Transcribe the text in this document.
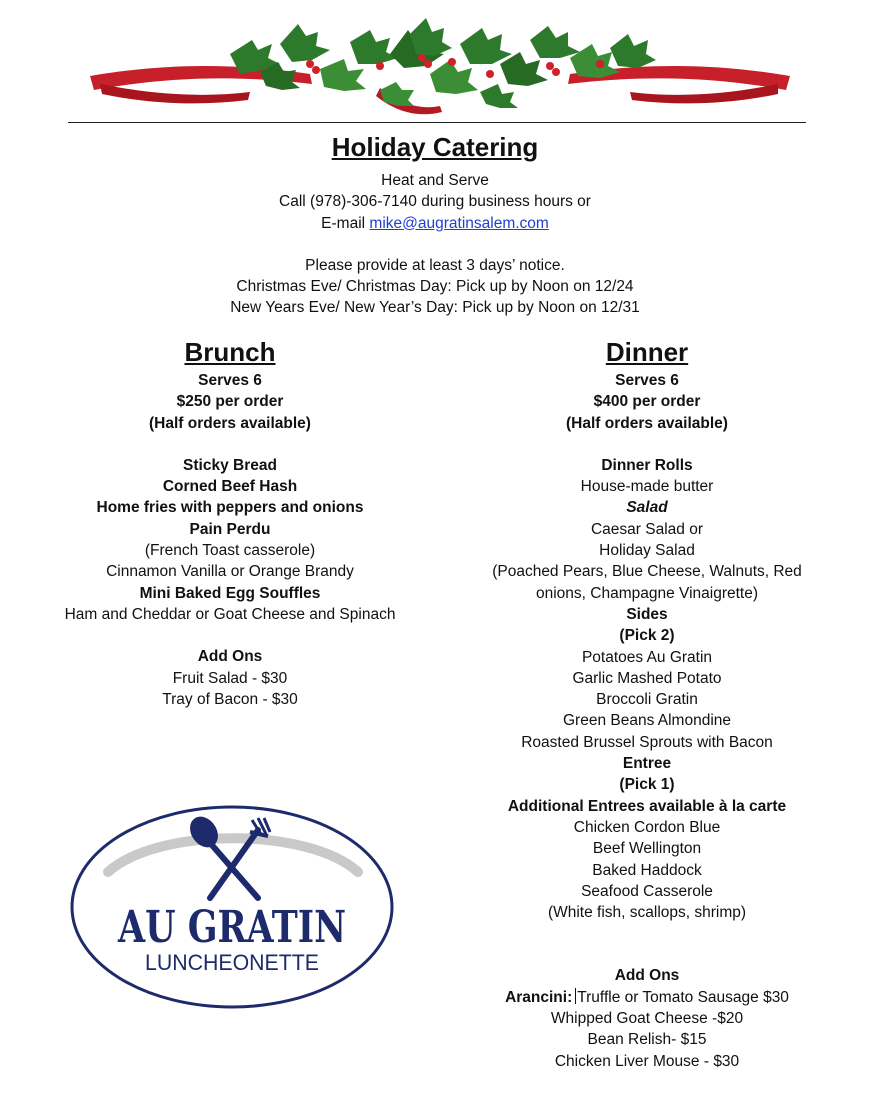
Holiday Catering

Heat and Serve

Call (978)-306-7140 during business hours or

E-mail mike@augratinsalem.com

Please provide at least 3 days’ notice.

Christmas Eve/ Christmas Day: Pick up by Noon on 12/24

New Years Eve/ New Year’s Day: Pick up by Noon on 12/31

Brunch

Serves 6

$250 per order

(Half orders available)

Sticky Bread

Corned Beef Hash

Home fries with peppers and onions

Pain Perdu

(French Toast casserole)

Cinnamon Vanilla or Orange Brandy

Mini Baked Egg Souffles

Ham and Cheddar or Goat Cheese and Spinach

Add Ons

Fruit Salad - $30

Tray of Bacon - $30

Dinner

Serves 6

$400 per order

(Half orders available)

Dinner Rolls

House-made butter

Salad

Caesar Salad or

Holiday Salad

(Poached Pears, Blue Cheese, Walnuts, Red

onions, Champagne Vinaigrette)

Sides

(Pick 2)

Potatoes Au Gratin

Garlic Mashed Potato

Broccoli Gratin

Green Beans Almondine

Roasted Brussel Sprouts with Bacon

Entree

(Pick 1)

Additional Entrees available à la carte

Chicken Cordon Blue

Beef Wellington

Baked Haddock

Seafood Casserole

(White fish, scallops, shrimp)

Add Ons

Arancini: Truffle or Tomato Sausage $30

Whipped Goat Cheese -$20

Bean Relish- $15

Chicken Liver Mouse - $30

AU GRATIN
LUNCHEONETTE
